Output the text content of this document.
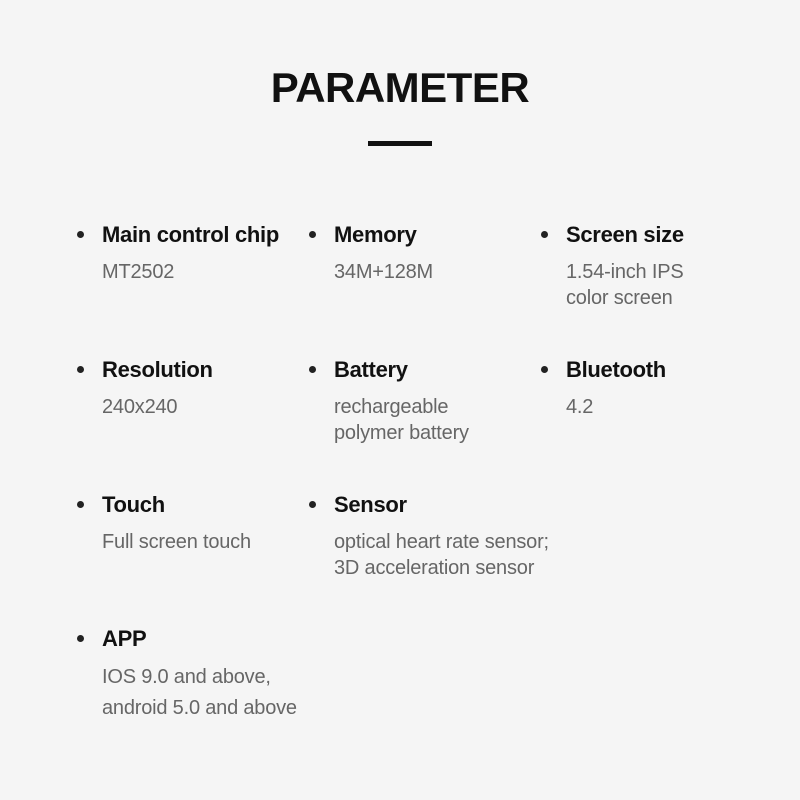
PARAMETER
Main control chip
MT2502
Memory
34M+128M
Screen size
1.54-inch IPS
color screen
Resolution
240x240
Battery
rechargeable
polymer battery
Bluetooth
4.2
Touch
Full screen touch
Sensor
optical heart rate sensor;
3D acceleration sensor
APP
IOS 9.0 and above,
android 5.0 and above
